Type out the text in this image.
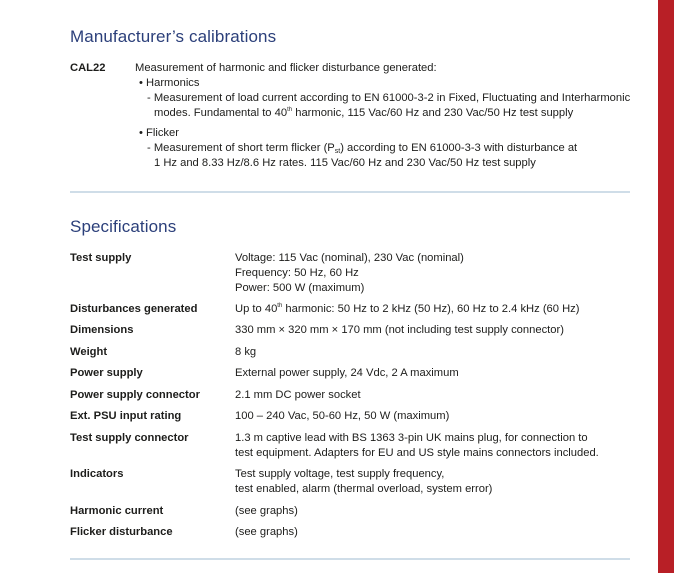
Manufacturer’s calibrations
CAL22	Measurement of harmonic and flicker disturbance generated:
• Harmonics
- Measurement of load current according to EN 61000-3-2 in Fixed, Fluctuating and Interharmonic
modes. Fundamental to 40th harmonic, 115 Vac/60 Hz and 230 Vac/50 Hz test supply
• Flicker
- Measurement of short term flicker $(P_{st})$ according to EN 61000-3-3 with disturbance at
1 Hz and 8.33 Hz/8.6 Hz rates. 115 Vac/60 Hz and 230 Vac/50 Hz test supply
Specifications
Test supply	Voltage: 115 Vac (nominal), 230 Vac (nominal)
Frequency: 50 Hz, 60 Hz
Power: 500 W (maximum)
Disturbances generated	Up to 40th harmonic: 50 Hz to 2 kHz (50 Hz), 60 Hz to 2.4 kHz (60 Hz)
Dimensions	330 mm × 320 mm × 170 mm (not including test supply connector)
Weight	8 kg
Power supply	External power supply, 24 Vdc, 2 A maximum
Power supply connector	2.1 mm DC power socket
Ext. PSU input rating	100 – 240 Vac, 50-60 Hz, 50 W (maximum)
Test supply connector	1.3 m captive lead with BS 1363 3-pin UK mains plug, for connection to
test equipment. Adapters for EU and US style mains connectors included.
Indicators	Test supply voltage, test supply frequency,
test enabled, alarm (thermal overload, system error)
Harmonic current	(see graphs)
Flicker disturbance	(see graphs)
